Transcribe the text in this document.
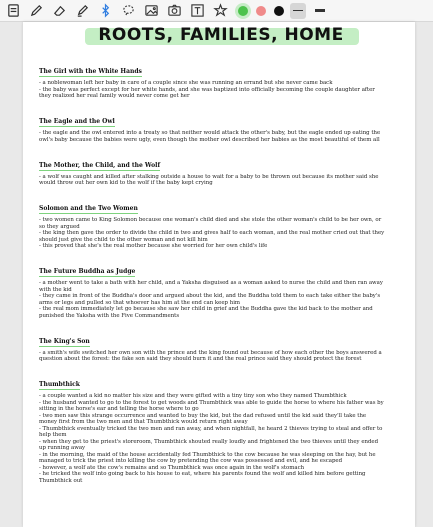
ROOTS, FAMILIES, HOME
The Girl with the White Hands

- a noblewoman left her baby in care of a couple since she was running an errand but she never came back

- the baby was perfect except for her white hands, and she was baptized into officially becoming the couple daughter after

they realized her real family would never come get her

The Eagle and the Owl

- the eagle and the owl entered into a treaty so that neither would attack the other's baby, but the eagle ended up eating the

owl's baby because the babies were ugly, even though the mother owl described her babies as the most beautiful of them all

The Mother, the Child, and the Wolf

- a wolf was caught and killed after stalking outside a house to wait for a baby to be thrown out because its mother said she

would throw out her own kid to the wolf if the baby kept crying

Solomon and the Two Women

- two women came to King Solomon because one woman's child died and she stole the other woman's child to be her own, or

so they argued

- the king then gave the order to divide the child in two and gives half to each woman, and the real mother cried out that they

should just give the child to the other woman and not kill him

- this proved that she's the real mother because she worried for her own child's life

The Future Buddha as Judge

- a mother went to take a bath with her child, and a Yaksha disguised as a woman asked to nurse the child and then ran away

with the kid

- they came in front of the Buddha's door and argued about the kid, and the Buddha told them to each take either the baby's

arms or legs and pulled so that whoever has him at the end can keep him

- the real mom immediately let go because she saw her child in grief and the Buddha gave the kid back to the mother and

punished the Yaksha with the Five Commandments

The King's Son

- a smith's wife switched her own son with the prince and the king found out because of how each other the boys answered a

question about the forest: the fake son said they should burn it and the real prince said they should protect the forest

Thumbthick

- a couple wanted a kid no matter his size and they were gifted with a tiny tiny son who they named Thumbthick

- the husband wanted to go to the forest to get woods and Thumbthick was able to guide the horse to where his father was by

sitting in the horse's ear and telling the horse where to go

- two men saw this strange occurrence and wanted to buy the kid, but the dad refused until the kid said they'll take the

money first from the two men and that Thumbthick would return right away

- Thumbthick eventually tricked the two men and ran away, and when nightfall, he heard 2 thieves trying to steal and offer to

help them

- when they get to the priest's storeroom, Thumbthick shouted really loudly and frightened the two thieves until they ended

up running away

- in the morning, the maid of the house accidentally fed Thumbthick to the cow because he was sleeping on the hay, but he

managed to trick the priest into killing the cow by pretending the cow was possessed and evil, and he escaped

- however, a wolf ate the cow's remains and so Thumbthick was once again in the wolf's stomach

- he tricked the wolf into going back to his house to eat, where his parents found the wolf and killed him before getting

Thumbthick out
